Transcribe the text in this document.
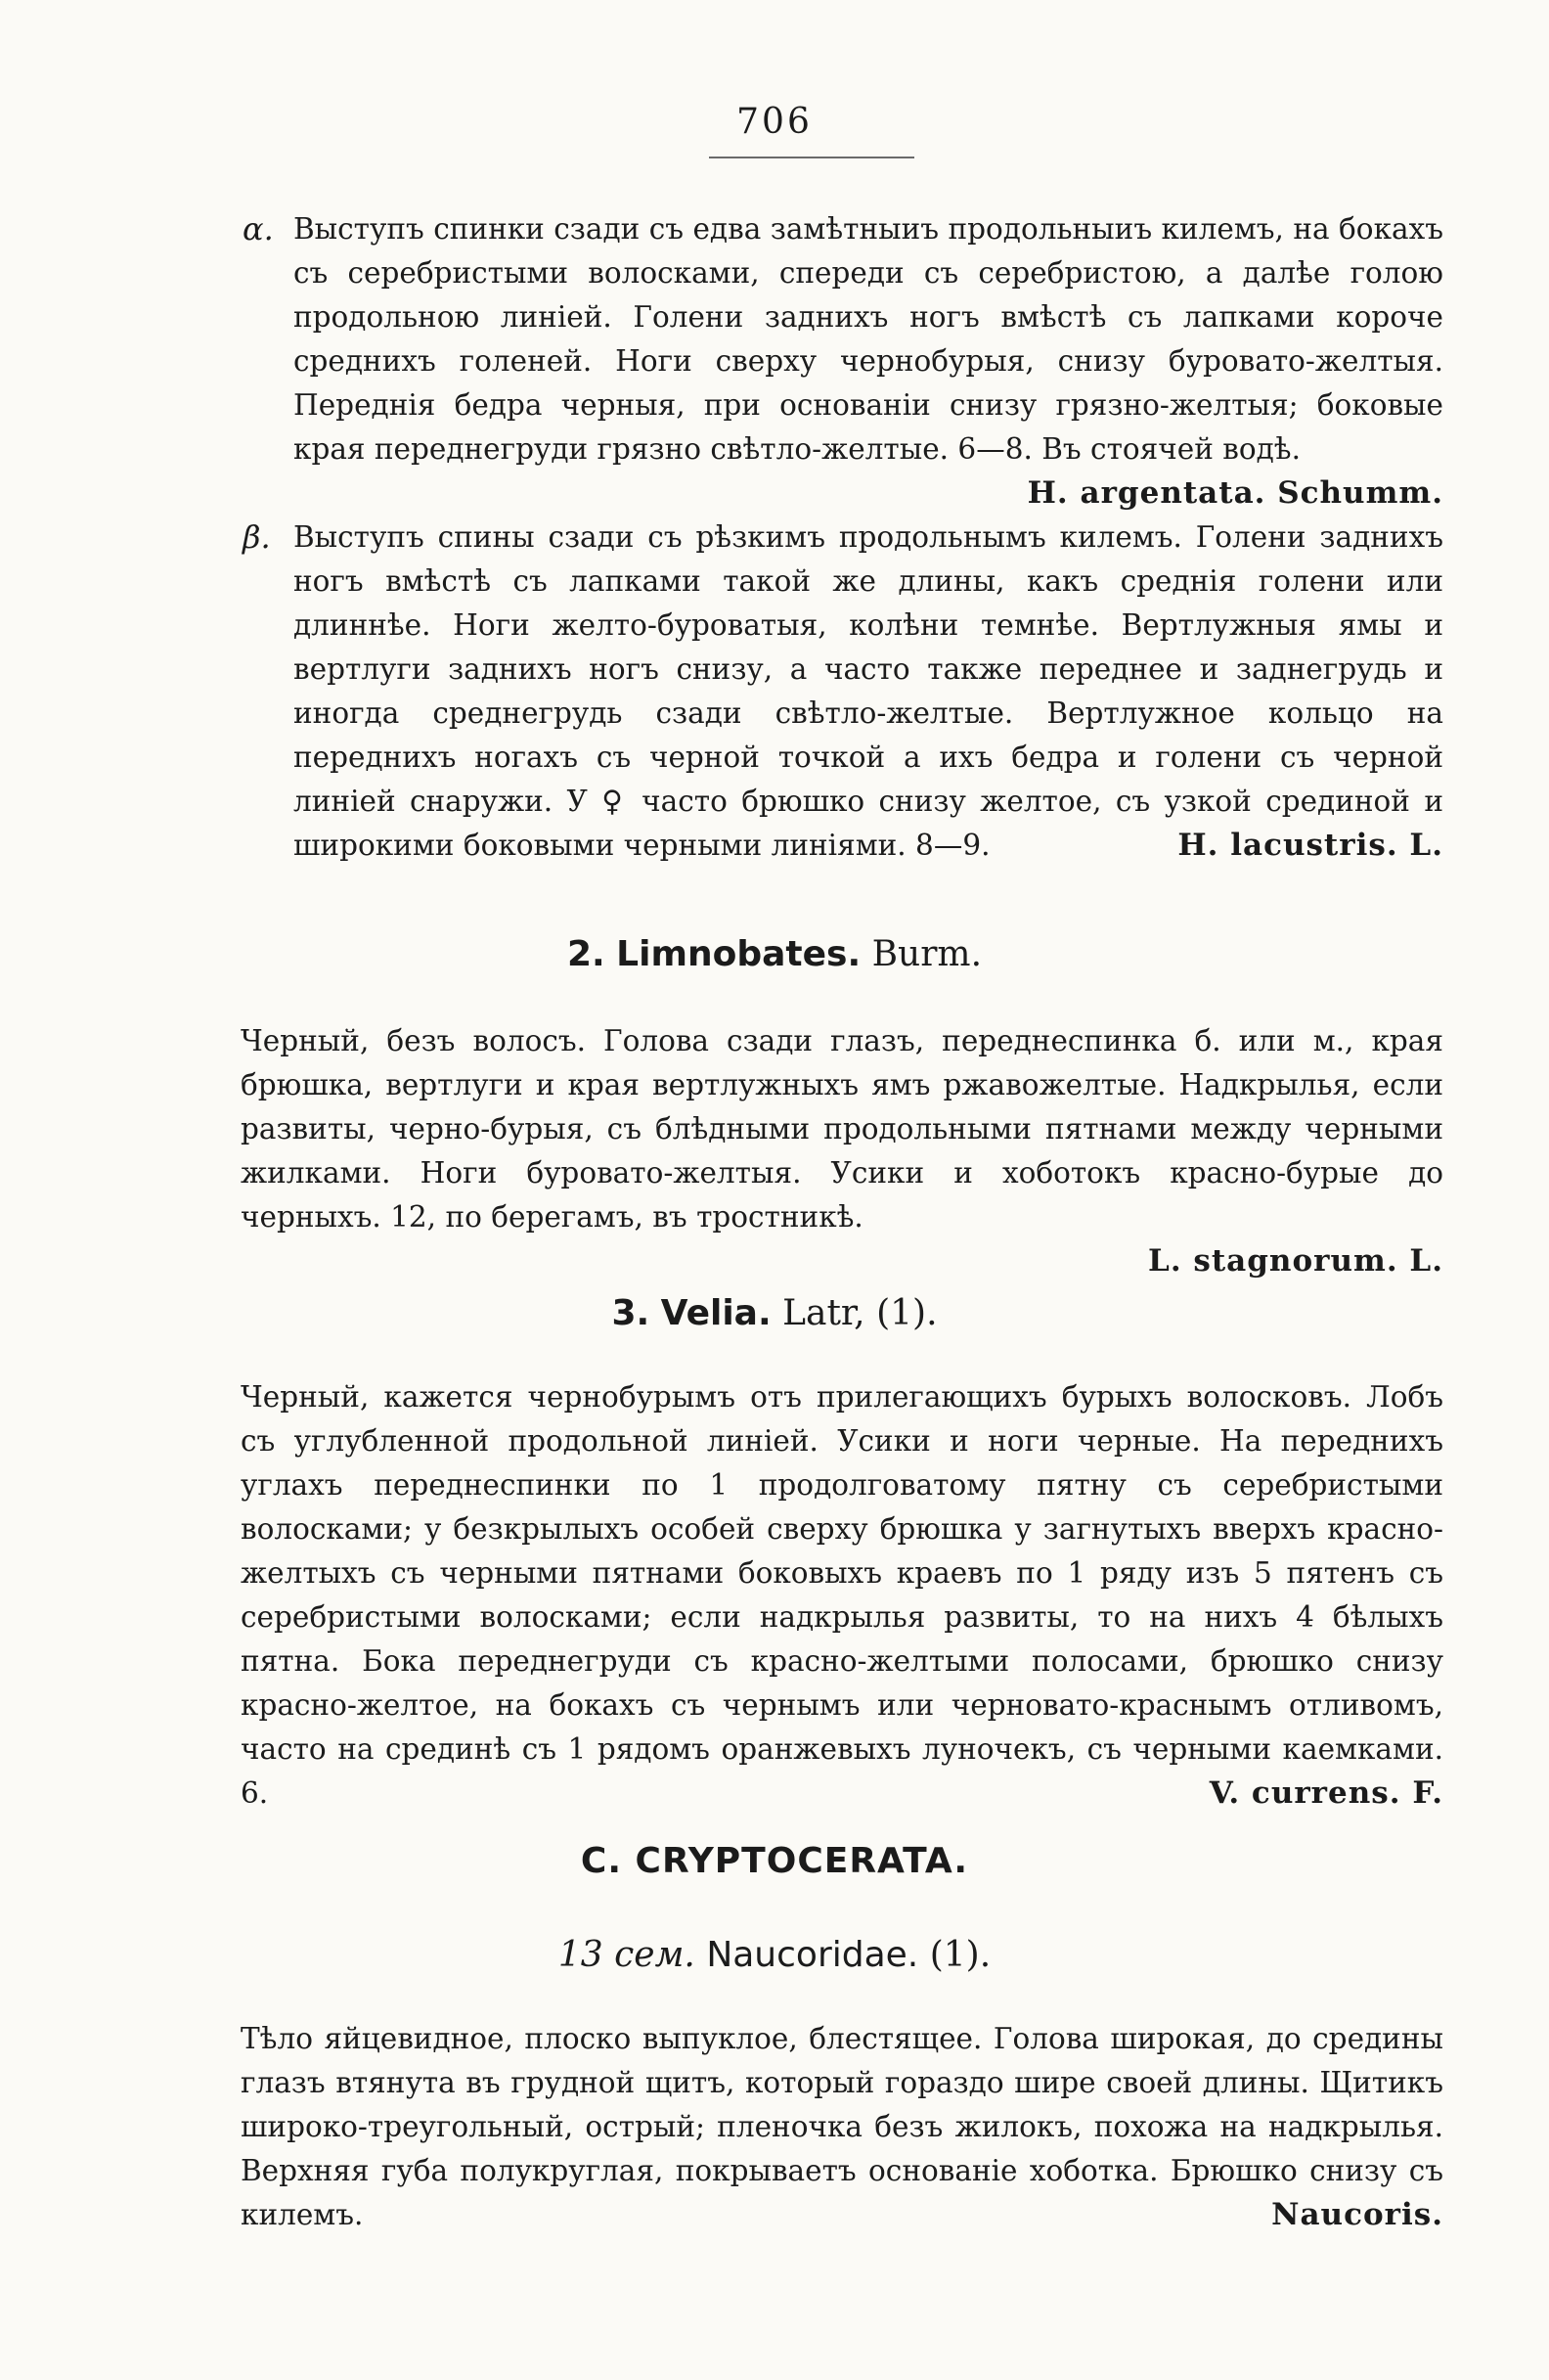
706
α. Выступъ спинки сзади съ едва замѣтныиъ продольныиъ килемъ, на бокахъ съ серебристыми волосками, спереди съ серебристою, а далѣе голою продольною линiей. Голени заднихъ ногъ вмѣстѣ съ лапками короче среднихъ голеней. Ноги сверху чернобурыя, снизу буровато-желтыя. Переднiя бедра черныя, при основанiи снизу грязно-желтыя; боковые края переднегруди грязно свѣтло-желтые. 6—8. Въ стоячей водѣ.
H. argentata. Schumm.
β. Выступъ спины сзади съ рѣзкимъ продольнымъ килемъ. Голени заднихъ ногъ вмѣстѣ съ лапками такой же длины, какъ среднiя голени или длиннѣе. Ноги желто-буроватыя, колѣни темнѣе. Вертлужныя ямы и вертлуги заднихъ ногъ снизу, а часто также переднее и заднегрудь и иногда среднегрудь сзади свѣтло-желтые. Вертлужное кольцо на переднихъ ногахъ съ черной точкой а ихъ бедра и голени съ черной линiей снаружи. У ♀ часто брюшко снизу желтое, съ узкой срединой и широкими боковыми черными линiями. 8—9.	H. lacustris. L.
2. Limnobates. Burm.
Черный, безъ волосъ. Голова сзади глазъ, переднеспинка б. или м., края брюшка, вертлуги и края вертлужныхъ ямъ ржавожелтые. Надкрылья, если развиты, черно-бурыя, съ блѣдными продольными пятнами между черными жилками. Ноги буровато-желтыя. Усики и хоботокъ красно-бурые до черныхъ. 12, по берегамъ, въ тростникѣ.
L. stagnorum. L.
3. Velia. Latr, (1).
Черный, кажется чернобурымъ отъ прилегающихъ бурыхъ волосковъ. Лобъ съ углубленной продольной линiей. Усики и ноги черные. На переднихъ углахъ переднеспинки по 1 продолговатому пятну съ серебристыми волосками; у безкрылыхъ особей сверху брюшка у загнутыхъ вверхъ красно-желтыхъ съ черными пятнами боковыхъ краевъ по 1 ряду изъ 5 пятенъ съ серебристыми волосками; если надкрылья развиты, то на нихъ 4 бѣлыхъ пятна. Бока переднегруди съ красно-желтыми полосами, брюшко снизу красно-желтое, на бокахъ съ чернымъ или черновато-краснымъ отливомъ, часто на срединѣ съ 1 рядомъ оранжевыхъ луночекъ, съ черными каемками. 6.	V. currens. F.
C. CRYPTOCERATA.
13 сем. Naucoridae. (1).
Тѣло яйцевидное, плоско выпуклое, блестящее. Голова широкая, до средины глазъ втянута въ грудной щитъ, который гораздо шире своей длины. Щитикъ широко-треугольный, острый; пленочка безъ жилокъ, похожа на надкрылья. Верхняя губа полукруглая, покрываетъ основанiе хоботка. Брюшко снизу съ килемъ.	Naucoris.
